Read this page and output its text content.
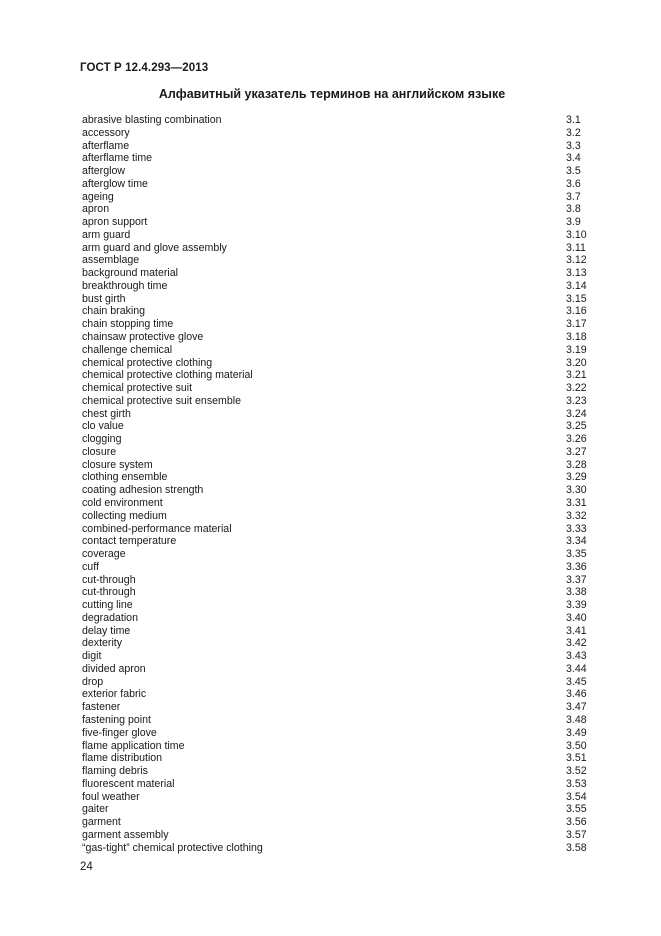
ГОСТ Р 12.4.293—2013
Алфавитный указатель терминов на английском языке
abrasive blasting combination	3.1
accessory	3.2
afterflame	3.3
afterflame time	3.4
afterglow	3.5
afterglow time	3.6
ageing	3.7
apron	3.8
apron support	3.9
arm guard	3.10
arm guard and glove assembly	3.11
assemblage	3.12
background material	3.13
breakthrough time	3.14
bust girth	3.15
chain braking	3.16
chain stopping time	3.17
chainsaw protective glove	3.18
challenge chemical	3.19
chemical protective clothing	3.20
chemical protective clothing material	3.21
chemical protective suit	3.22
chemical protective suit ensemble	3.23
chest girth	3.24
clo value	3.25
clogging	3.26
closure	3.27
closure system	3.28
clothing ensemble	3.29
coating adhesion strength	3.30
cold environment	3.31
collecting medium	3.32
combined-performance material	3.33
contact temperature	3.34
coverage	3.35
cuff	3.36
cut-through	3.37
cut-through	3.38
cutting line	3.39
degradation	3.40
delay time	3.41
dexterity	3.42
digit	3.43
divided apron	3.44
drop	3.45
exterior fabric	3.46
fastener	3.47
fastening point	3.48
five-finger glove	3.49
flame application time	3.50
flame distribution	3.51
flaming debris	3.52
fluorescent material	3.53
foul weather	3.54
gaiter	3.55
garment	3.56
garment assembly	3.57
“gas-tight” chemical protective clothing	3.58
24
